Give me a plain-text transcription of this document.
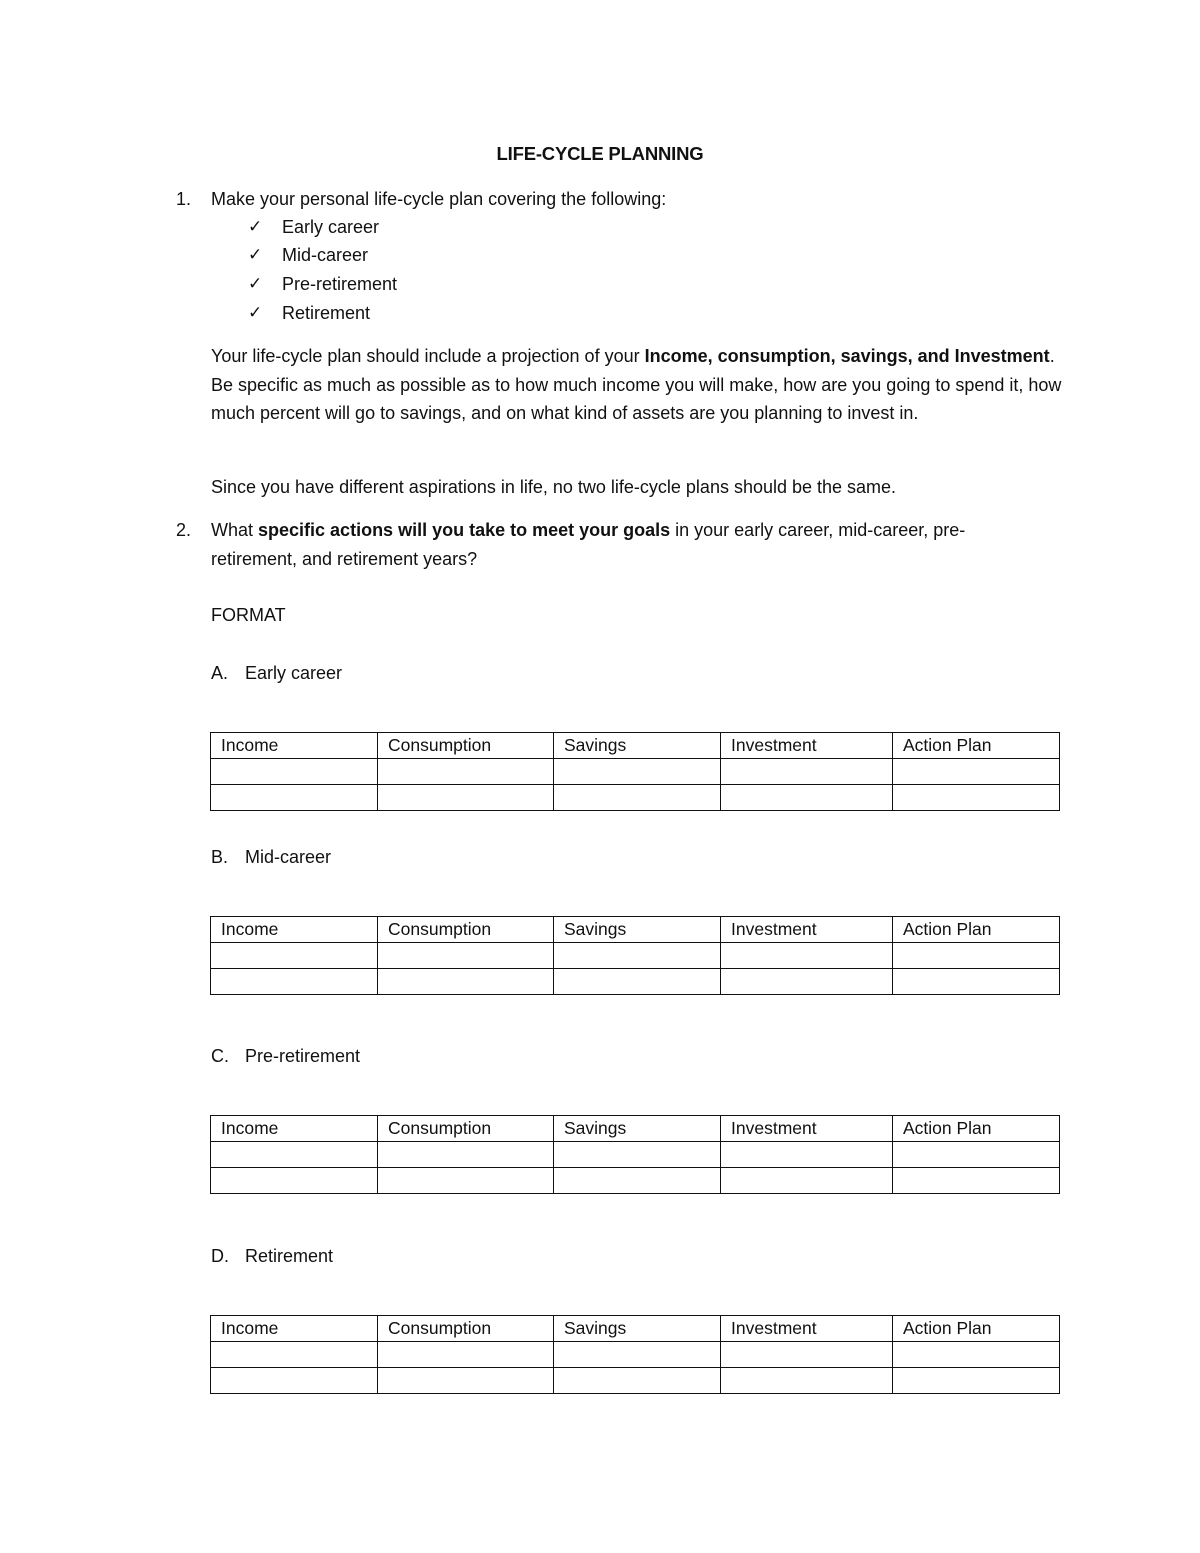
LIFE-CYCLE PLANNING
1. Make your personal life-cycle plan covering the following:
✓ Early career
✓ Mid-career
✓ Pre-retirement
✓ Retirement
Your life-cycle plan should include a projection of your Income, consumption, savings, and Investment. Be specific as much as possible as to how much income you will make, how are you going to spend it, how much percent will go to savings, and on what kind of assets are you planning to invest in.
Since you have different aspirations in life, no two life-cycle plans should be the same.
2. What specific actions will you take to meet your goals in your early career, mid-career, pre-retirement, and retirement years?
FORMAT
A. Early career
Income	Consumption	Savings	Investment	Action Plan

B. Mid-career
Income	Consumption	Savings	Investment	Action Plan

C. Pre-retirement
Income	Consumption	Savings	Investment	Action Plan

D. Retirement
Income	Consumption	Savings	Investment	Action Plan
